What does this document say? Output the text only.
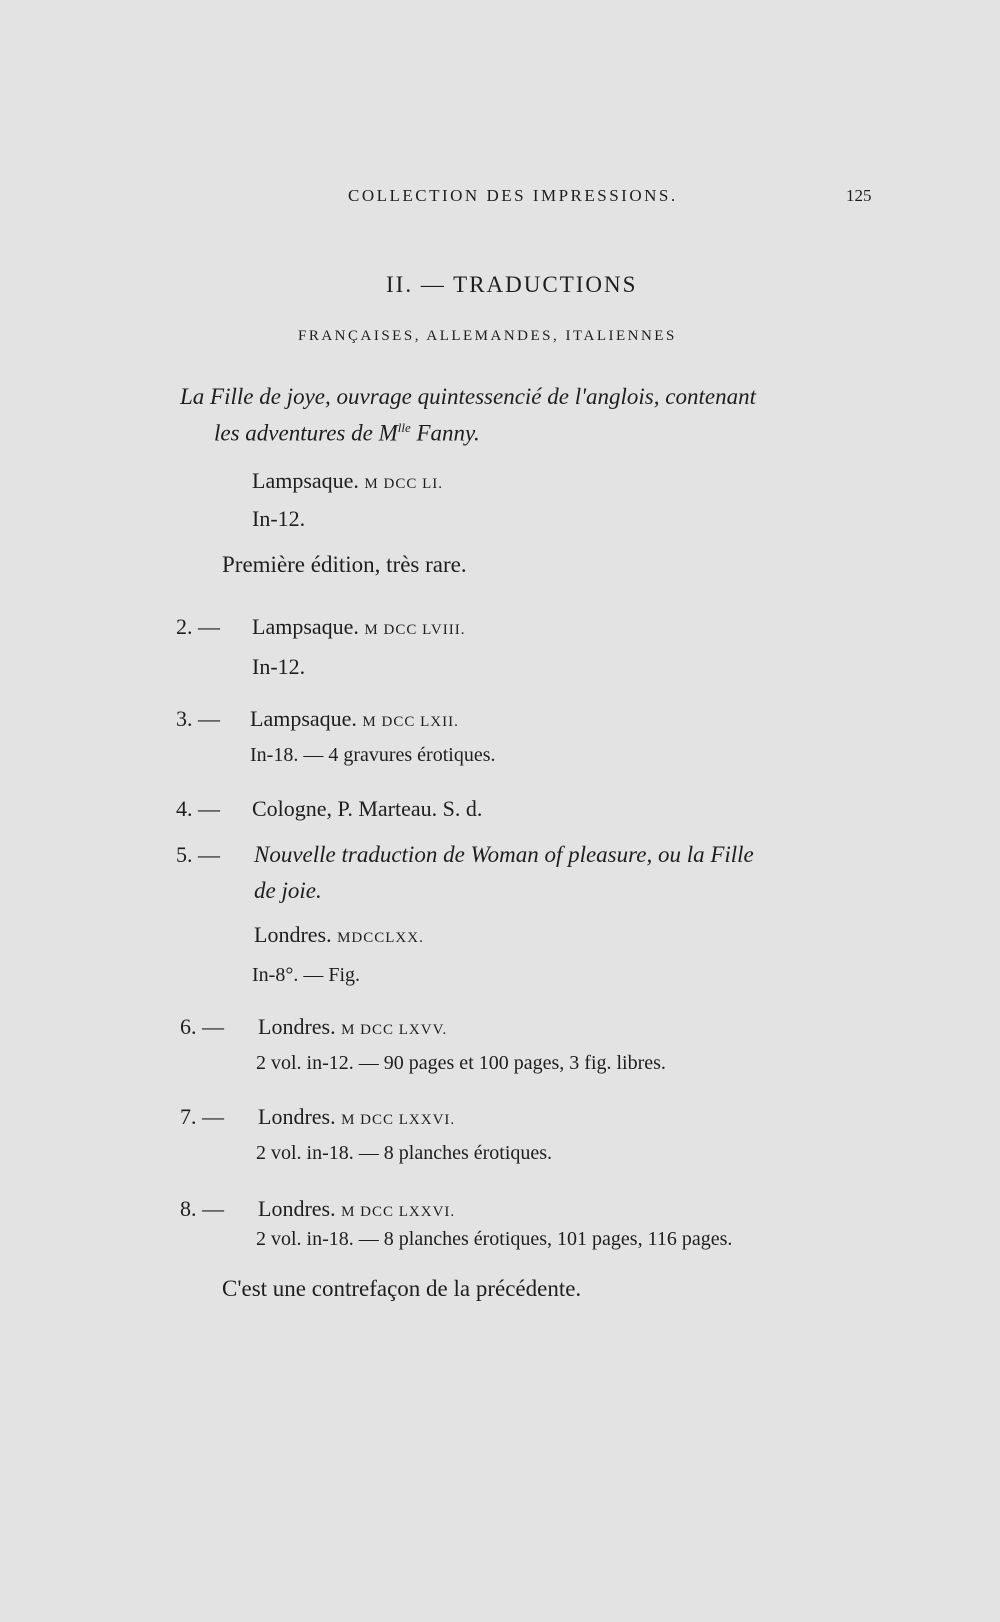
COLLECTION DES IMPRESSIONS.	125
II. — TRADUCTIONS
FRANÇAISES, ALLEMANDES, ITALIENNES
La Fille de joye, ouvrage quintessencié de l'anglois, contenant
les adventures de $M^{lle}$ Fanny.
Lampsaque. M DCC LI.
In-12.
Première édition, très rare.
2. — Lampsaque. M DCC LVIII.
In-12.
3. — Lampsaque. M DCC LXII.
In-18. — 4 gravures érotiques.
4. — Cologne, P. Marteau. S. d.
5. — Nouvelle traduction de Woman of pleasure, ou la Fille
de joie.
Londres. MDCCLXX.
In-8°. — Fig.
6. — Londres. M DCC LXVV.
2 vol. in-12. — 90 pages et 100 pages, 3 fig. libres.
7. — Londres. M DCC LXXVI.
2 vol. in-18. — 8 planches érotiques.
8. — Londres. M DCC LXXVI.
2 vol. in-18. — 8 planches érotiques, 101 pages, 116 pages.
C'est une contrefaçon de la précédente.
